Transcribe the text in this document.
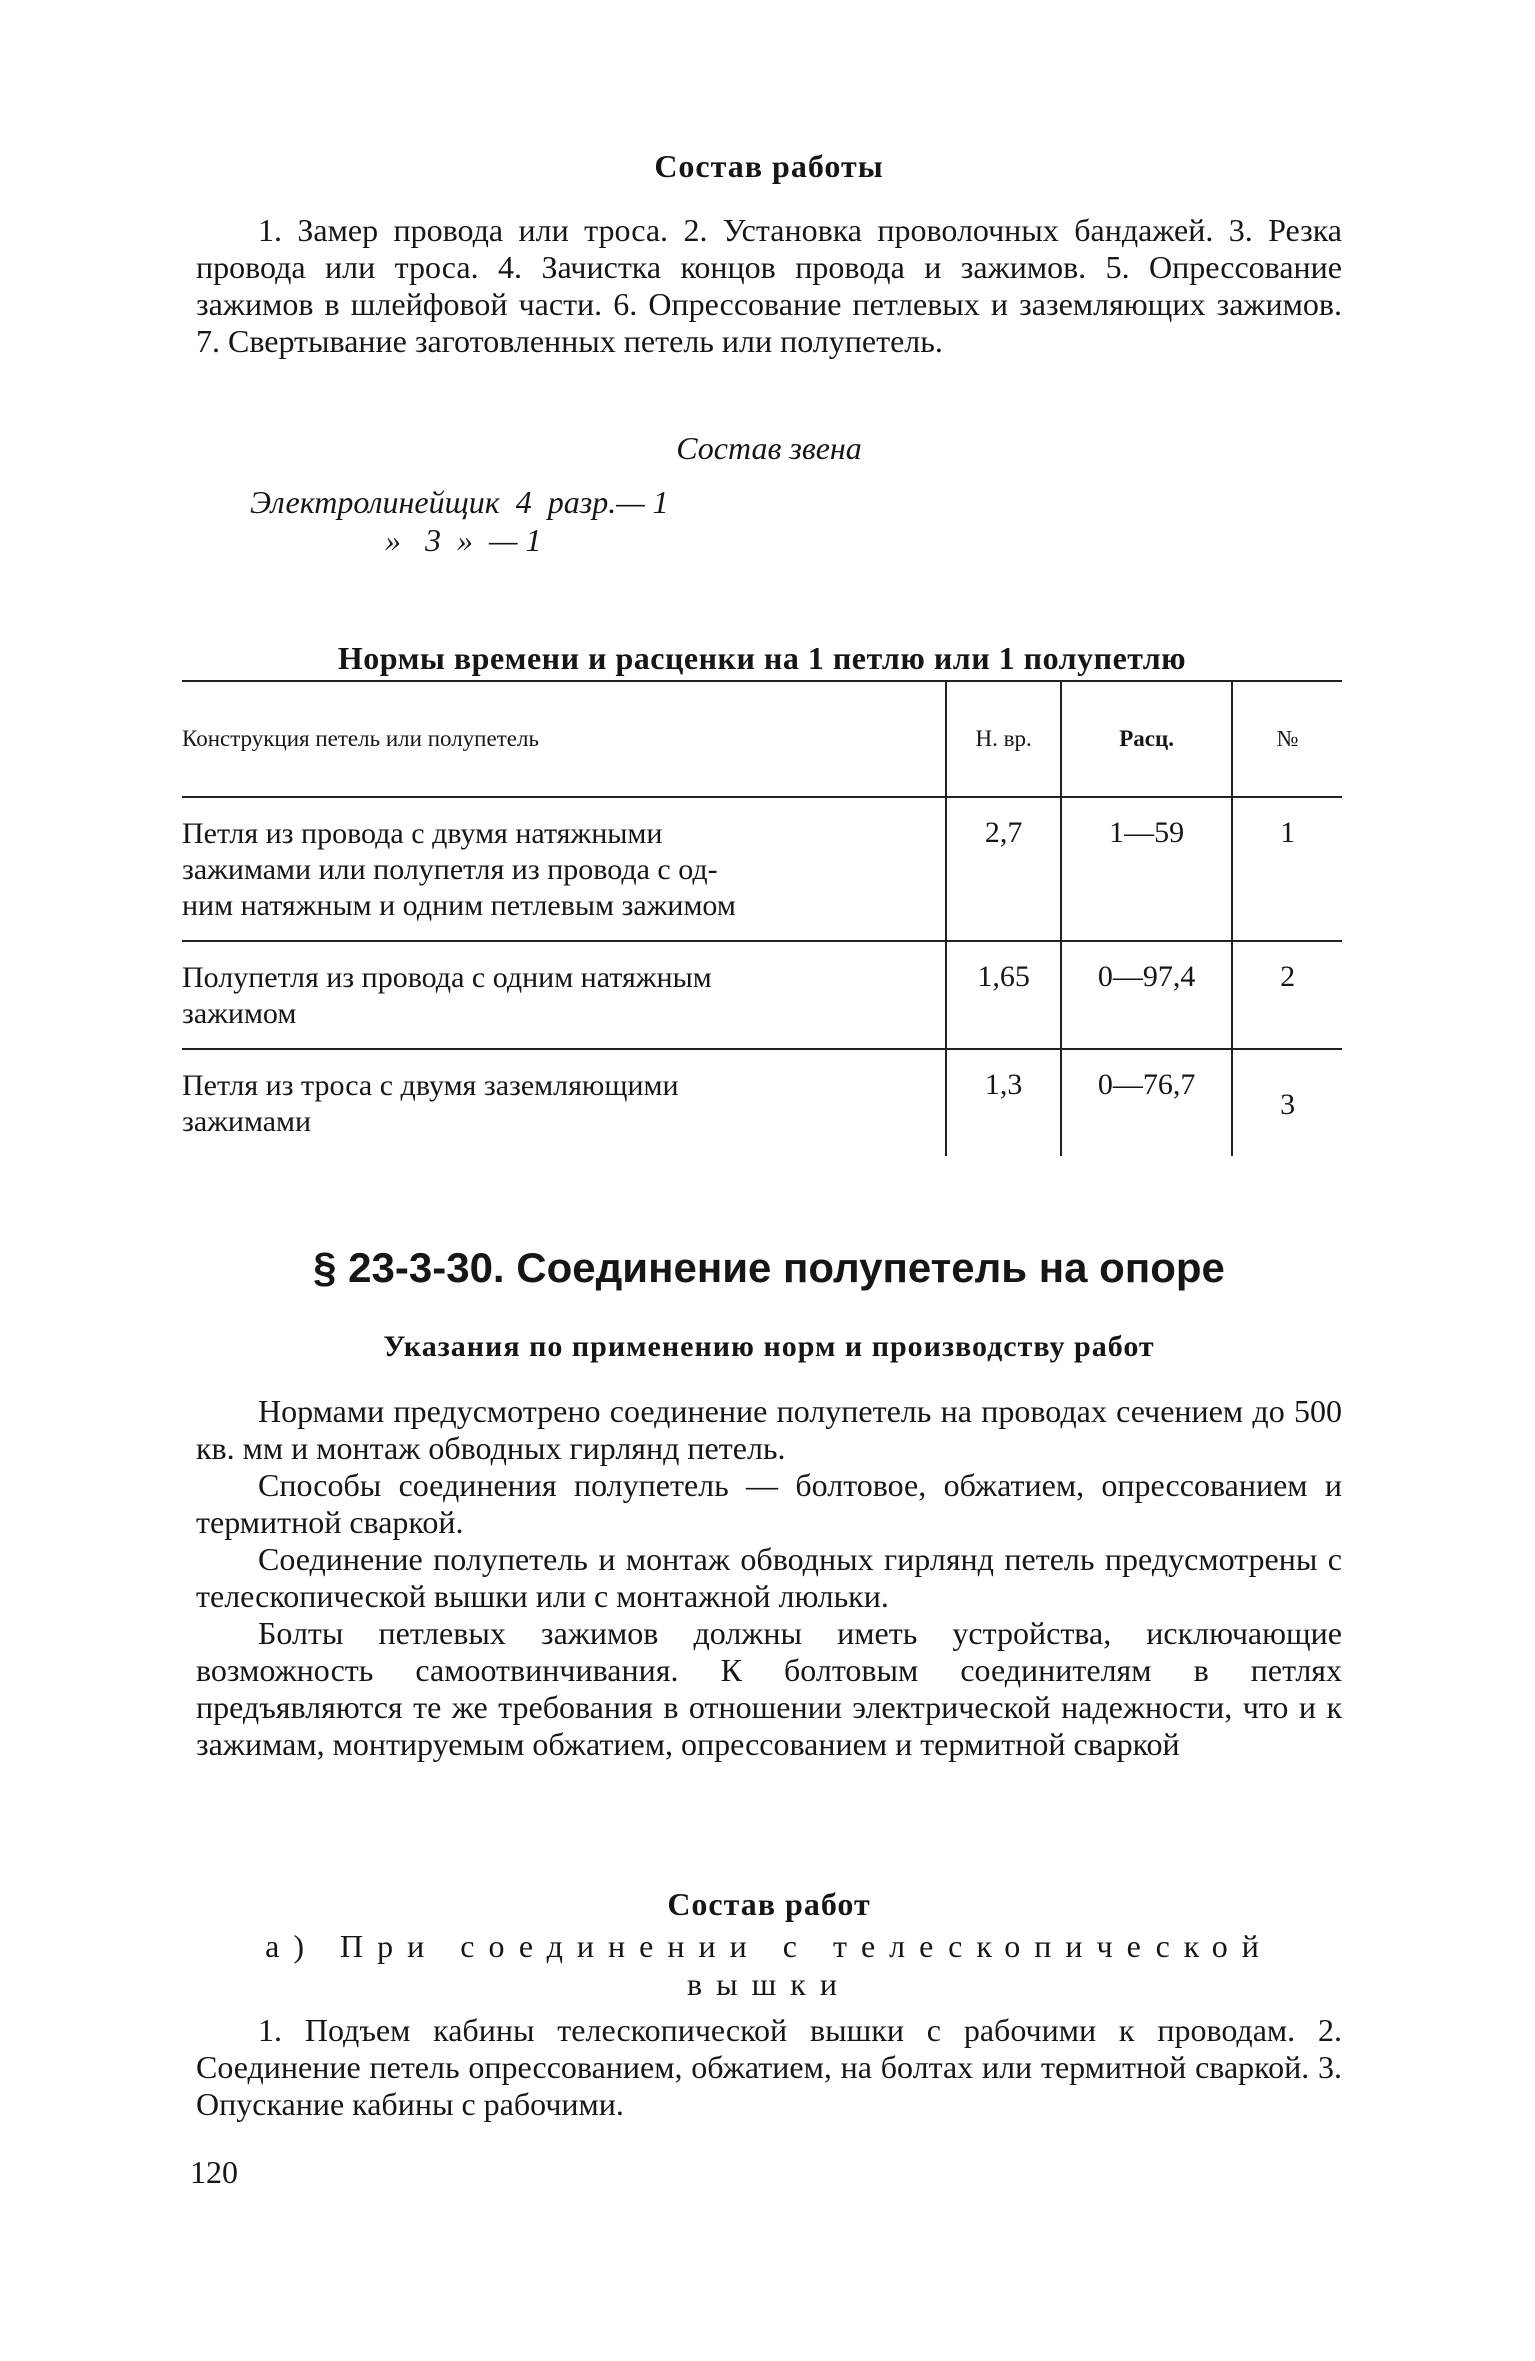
Состав работы

1. Замер провода или троса. 2. Установка проволочных бандажей. 3. Резка провода или троса. 4. Зачистка концов провода и зажимов. 5. Опрессование зажимов в шлейфовой части. 6. Опрессование петлевых и заземляющих зажимов. 7. Свертывание заготовленных петель или полупетель.

Состав звена
Электролинейщик  4  разр.— 1
»   3  »  — 1
Нормы времени и расценки на 1 петлю или 1 полупетлю
Конструкция петель или полупетель	Н. вр.	Расц.	№

Петля из провода с двумя натяжными
зажимами или полупетля из провода с од-
ним натяжным и одним петлевым зажимом	2,7	1—59	1

Полупетля из провода с одним натяжным
зажимом	1,65	0—97,4	2

Петля из троса с двумя заземляющими
зажимами	1,3	0—76,7	3
§ 23-3-30. Соединение полупетель на опоре
Указания по применению норм и производству работ

Нормами предусмотрено соединение полупетель на проводах сечением до 500 кв. мм и монтаж обводных гирлянд петель.

Способы соединения полупетель — болтовое, обжатием, опрессованием и термитной сваркой.

Соединение полупетель и монтаж обводных гирлянд петель предусмотрены с телескопической вышки или с монтажной люльки.

Болты петлевых зажимов должны иметь устройства, исключающие возможность самоотвинчивания. К болтовым соединителям в петлях предъявляются те же требования в отношении электрической надежности, что и к зажимам, монтируемым обжатием, опрессованием и термитной сваркой

Состав работ
а) При соединении с телескопической
вышки

1. Подъем кабины телескопической вышки с рабочими к проводам. 2. Соединение петель опрессованием, обжатием, на болтах или термитной сваркой. 3. Опускание кабины с рабочими.

120
